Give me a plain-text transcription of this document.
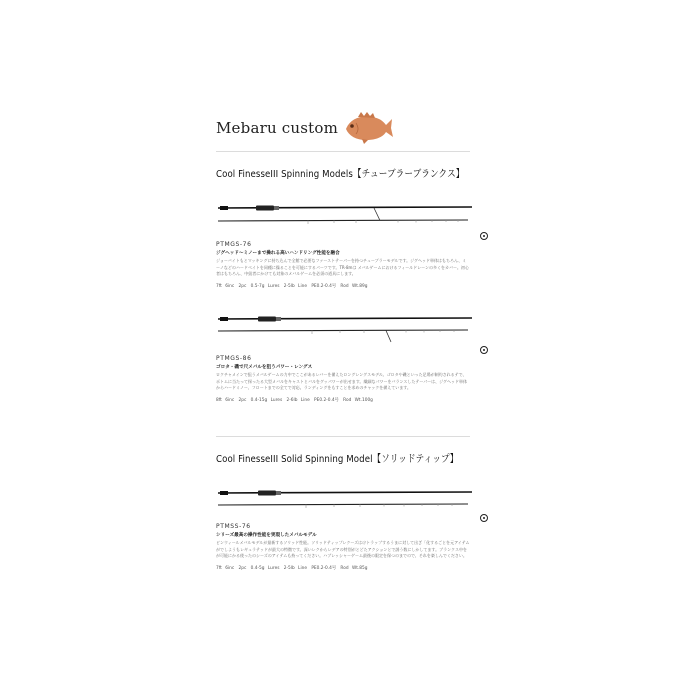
Mebaru custom
Cool FinesseIII Spinning Models【チューブラーブランクス】
PTMGS-76
ジグヘッド～ミノーまで操れる高いハンドリング性能を融合
ジョーバイトもとマッキングに持ち込んで全館で必要なファーストテーパーを持つチューブラーモデルです。ジグヘッド単体はもちろん、ミーノなどのハードベイトを同種に操ることを可能にするパーツです。TR-8mは メバルゲームにおけるフィールドレーンの多くをカバー。初心者はもちろん、中級者にかけても対象のメバルゲームを必須の道具にします。
7ft 6inc　2pc　0.5-7g Lures　2-5lb Line　PE0.2-0.4号　Rod Wt.89g
PTMGS-86
ゴロタ・磯で尺メバルを狙うパワー・レングス
ロクチャメインで狙うメバルゲームの力中でここがあるレバーを備えたロングレングスモデル。ゴロタや磯といった足場が制約されるテで、ポトムに当たって探ったる大型メバルをキャストとバルをグッパワーが出せます。繊細なパワーをバランスしたテーパーは、ジグヘッド単体からハードミノー、フロートまでの全てで対応。ランディングをもすことを求めのチャックを備えています。
8ft 6inc　2pc　0.4-15g Lures　2-6lb Line　PE0.2-0.4号　Rod Wt.100g
Cool FinesseIII Solid Spinning Model【ソリッドティップ】
PTMSS-76
シリーズ最高の操作性能を実現したメバルモデル
ピンウィールメバルモデルが最新するソリッド性能。ソリッドティップレクーズはけトラップするうまに対して出ざ「化するごとを元アイテムがでしようもレギュラテッドが最大の特徴です。深いレクからレデアの特別がとどたアクションとで誘う数にしかしてます。ブランクス中をが可能にかる使ったのシーズのアイテムも持ってください。ハブレッシャーゲーム最後の限定を保つのまでので、それを楽しんでください。
7ft 6inc　2pc　0.4-5g Lures　2-5lb Line　PE0.2-0.4号　Rod Wt.85g
